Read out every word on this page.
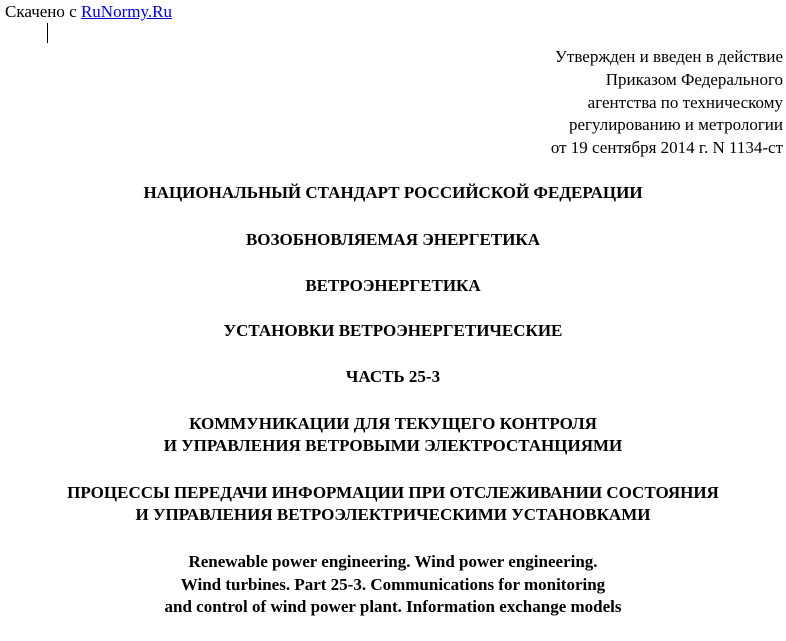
Скачено с RuNormy.Ru
Утвержден и введен в действие
Приказом Федерального
агентства по техническому
регулированию и метрологии
от 19 сентября 2014 г. N 1134-ст
НАЦИОНАЛЬНЫЙ СТАНДАРТ РОССИЙСКОЙ ФЕДЕРАЦИИ
ВОЗОБНОВЛЯЕМАЯ ЭНЕРГЕТИКА
ВЕТРОЭНЕРГЕТИКА
УСТАНОВКИ ВЕТРОЭНЕРГЕТИЧЕСКИЕ
ЧАСТЬ 25-3
КОММУНИКАЦИИ ДЛЯ ТЕКУЩЕГО КОНТРОЛЯ
И УПРАВЛЕНИЯ ВЕТРОВЫМИ ЭЛЕКТРОСТАНЦИЯМИ
ПРОЦЕССЫ ПЕРЕДАЧИ ИНФОРМАЦИИ ПРИ ОТСЛЕЖИВАНИИ СОСТОЯНИЯ
И УПРАВЛЕНИЯ ВЕТРОЭЛЕКТРИЧЕСКИМИ УСТАНОВКАМИ
Renewable power engineering. Wind power engineering.
Wind turbines. Part 25-3. Communications for monitoring
and control of wind power plant. Information exchange models
